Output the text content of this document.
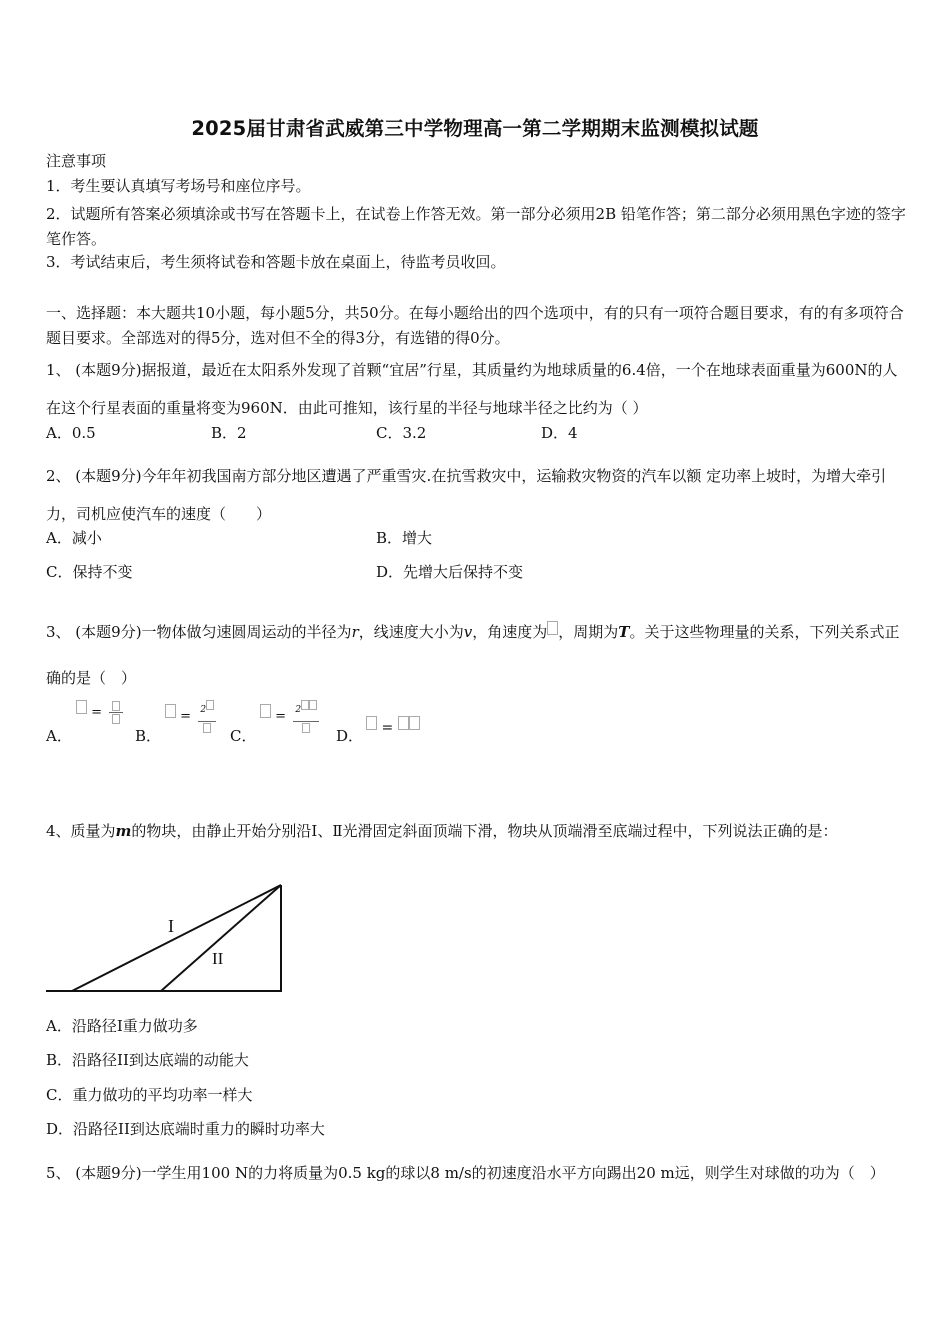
2025届甘肃省武威第三中学物理高一第二学期期末监测模拟试题
注意事项
1．考生要认真填写考场号和座位序号。
2．试题所有答案必须填涂或书写在答题卡上，在试卷上作答无效。第一部分必须用2B 铅笔作答；第二部分必须用黑色字迹的签字笔作答。
3．考试结束后，考生须将试卷和答题卡放在桌面上，待监考员收回。
一、选择题：本大题共10小题，每小题5分，共50分。在每小题给出的四个选项中，有的只有一项符合题目要求，有的有多项符合题目要求。全部选对的得5分，选对但不全的得3分，有选错的得0分。
1、 (本题9分)据报道，最近在太阳系外发现了首颗“宜居”行星，其质量约为地球质量的6.4倍，一个在地球表面重量为600N的人在这个行星表面的重量将变为960N．由此可推知，该行星的半径与地球半径之比约为（ ）
A．0.5	B．2	C．3.2	D．4
2、 (本题9分)今年年初我国南方部分地区遭遇了严重雪灾.在抗雪救灾中，运输救灾物资的汽车以额 定功率上坡时，为增大牵引力，司机应使汽车的速度（　　）
A．减小	B．增大
C．保持不变	D．先增大后保持不变
3、 (本题9分)一物体做匀速圆周运动的半径为r，线速度大小为v，角速度为 ，周期为T。关于这些物理量的关系，下列关系式正确的是（　）
A．
=
B．
= 2
C．
= 2
D．	=
4、质量为m的物块，由静止开始分别沿Ⅰ、Ⅱ光滑固定斜面顶端下滑，物块从顶端滑至底端过程中，下列说法正确的是：
I
II
A．沿路径Ⅰ重力做功多
B．沿路径II到达底端的动能大
C．重力做功的平均功率一样大
D．沿路径II到达底端时重力的瞬时功率大
5、 (本题9分)一学生用100 N的力将质量为0.5 kg的球以8 m/s的初速度沿水平方向踢出20 m远，则学生对球做的功为（　）
